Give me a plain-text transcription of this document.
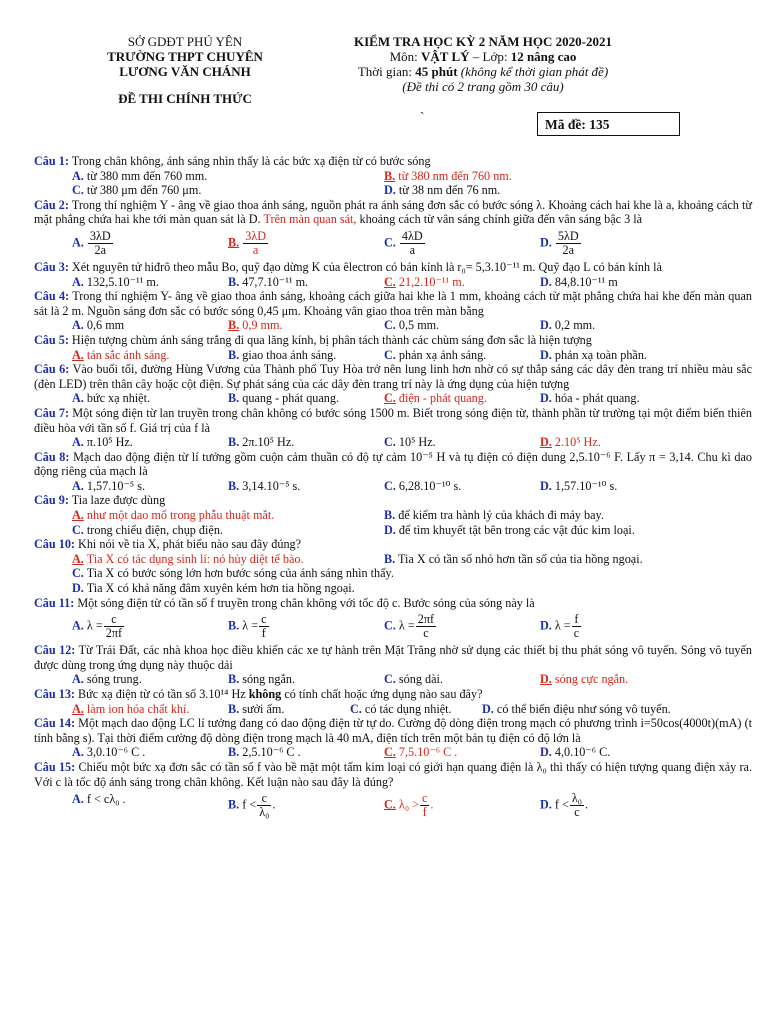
SỞ GDĐT PHÚ YÊN
TRƯỜNG THPT CHUYÊN
LƯƠNG VĂN CHÁNH
ĐỀ THI CHÍNH THỨC
KIỂM TRA HỌC KỲ 2 NĂM HỌC 2020-2021
Môn: VẬT LÝ – Lớp: 12 nâng cao
Thời gian: 45 phút (không kể thời gian phát đề)
(Đề thi có 2 trang gồm 30 câu)
`
Mã đề: 135
Câu 1: Trong chân không, ánh sáng nhìn thấy là các bức xạ điện từ có bước sóng
A. từ 380 mm đến 760 mm.	B. từ 380 nm đến 760 nm.
C. từ 380 μm đến 760 μm.	D. từ 38 nm đến 76 nm.
Câu 2: Trong thí nghiệm Y - âng về giao thoa ánh sáng, nguồn phát ra ánh sáng đơn sắc có bước sóng λ. Khoảng cách hai khe là a, khoảng cách từ mặt phẳng chứa hai khe tới màn quan sát là D. Trên màn quan sát, khoảng cách từ vân sáng chính giữa đến vân sáng bậc 3 là
A. $\frac{3\lambda D}{2a}$	B. $\frac{3\lambda D}{a}$	C. $\frac{4\lambda D}{a}$	D. $\frac{5\lambda D}{2a}$
Câu 3: Xét nguyên tử hiđrô theo mẫu Bo, quỹ đạo dừng K của êlectron có bán kính là r₀= 5,3.10⁻¹¹ m. Quỹ đạo L có bán kính là
A. 132,5.10⁻¹¹ m.	B. 47,7.10⁻¹¹ m.	C. 21,2.10⁻¹¹ m.	D. 84,8.10⁻¹¹ m
Câu 4: Trong thí nghiệm Y- âng về giao thoa ánh sáng, khoảng cách giữa hai khe là 1 mm, khoảng cách từ mặt phẳng chứa hai khe đến màn quan sát là 2 m. Nguồn sáng đơn sắc có bước sóng 0,45 μm. Khoảng vân giao thoa trên màn bằng
A. 0,6 mm	B. 0,9 mm.	C. 0,5 mm.	D. 0,2 mm.
Câu 5: Hiện tượng chùm ánh sáng trắng đi qua lăng kính, bị phân tách thành các chùm sáng đơn sắc là hiện tượng
A. tán sắc ánh sáng.	B. giao thoa ánh sáng.	C. phản xạ ánh sáng.	D. phản xạ toàn phần.
Câu 6: Vào buổi tối, đường Hùng Vương của Thành phố Tuy Hòa trở nên lung linh hơn nhờ có sự thắp sáng các dây đèn trang trí nhiều màu sắc (đèn LED) trên thân cây hoặc cột điện. Sự phát sáng của các dây đèn trang trí này là ứng dụng của hiện tượng
A. bức xạ nhiệt.	B. quang - phát quang.	C. điện - phát quang.	D. hóa - phát quang.
Câu 7: Một sóng điện từ lan truyền trong chân không có bước sóng 1500 m. Biết trong sóng điện từ, thành phần từ trường tại một điểm biến thiên điều hòa với tần số f. Giá trị của f là
A. π.10⁵ Hz.	B. 2π.10⁵ Hz.	C. 10⁵ Hz.	D. 2.10⁵ Hz.
Câu 8: Mạch dao động điện từ lí tưởng gồm cuộn cảm thuần có độ tự cảm 10⁻⁵ H và tụ điện có điện dung 2,5.10⁻⁶ F. Lấy π = 3,14. Chu kì dao động riêng của mạch là
A. 1,57.10⁻⁵ s.	B. 3,14.10⁻⁵ s.	C. 6,28.10⁻¹⁰ s.	D. 1,57.10⁻¹⁰ s.
Câu 9: Tia laze được dùng
A. như một dao mổ trong phẫu thuật mắt.	B. để kiểm tra hành lý của khách đi máy bay.
C. trong chiếu điện, chụp điện.	D. để tìm khuyết tật bên trong các vật đúc kim loại.
Câu 10: Khi nói về tia X, phát biểu nào sau đây đúng?
A. Tia X có tác dụng sinh lí: nó hủy diệt tế bào.	B. Tia X có tần số nhỏ hơn tần số của tia hồng ngoại.
C. Tia X có bước sóng lớn hơn bước sóng của ánh sáng nhìn thấy.
D. Tia X có khả năng đâm xuyên kém hơn tia hồng ngoại.
Câu 11: Một sóng điện từ có tần số f truyền trong chân không với tốc độ c. Bước sóng của sóng này là
A. $\lambda = \frac{c}{2\pi f}$	B. $\lambda = \frac{c}{f}$	C. $\lambda = \frac{2\pi f}{c}$	D. $\lambda = \frac{f}{c}$
Câu 12: Từ Trái Đất, các nhà khoa học điều khiển các xe tự hành trên Mặt Trăng nhờ sử dụng các thiết bị thu phát sóng vô tuyến. Sóng vô tuyến được dùng trong ứng dụng này thuộc dải
A. sóng trung.	B. sóng ngắn.	C. sóng dài.	D. sóng cực ngắn.
Câu 13: Bức xạ điện từ có tần số 3.10¹⁴ Hz không có tính chất hoặc ứng dụng nào sau đây?
A. làm ion hóa chất khí.	B. sưởi ấm.	C. có tác dụng nhiệt.	D. có thể biến điệu như sóng vô tuyến.
Câu 14: Một mạch dao động LC lí tưởng đang có dao động điện từ tự do. Cường độ dòng điện trong mạch có phương trình i=50cos(4000t)(mA) (t tính bằng s). Tại thời điểm cường độ dòng điện trong mạch là 40 mA, điện tích trên một bản tụ điện có độ lớn là
A. 3,0.10⁻⁶ C .	B. 2,5.10⁻⁶ C .	C. 7,5.10⁻⁶ C .	D. 4,0.10⁻⁶ C.
Câu 15: Chiếu một bức xạ đơn sắc có tần số f vào bề mặt một tấm kim loại có giới hạn quang điện là λ₀ thì thấy có hiện tượng quang điện xảy ra. Với c là tốc độ ánh sáng trong chân không. Kết luận nào sau đây là đúng?
A. f < cλ₀ .	B. $f < \frac{c}{\text{λ₀}}$ .	C. $\lambda_0 > \frac{c}{f}$ .	D. $f < \frac{\text{λ₀}}{c}$ .
